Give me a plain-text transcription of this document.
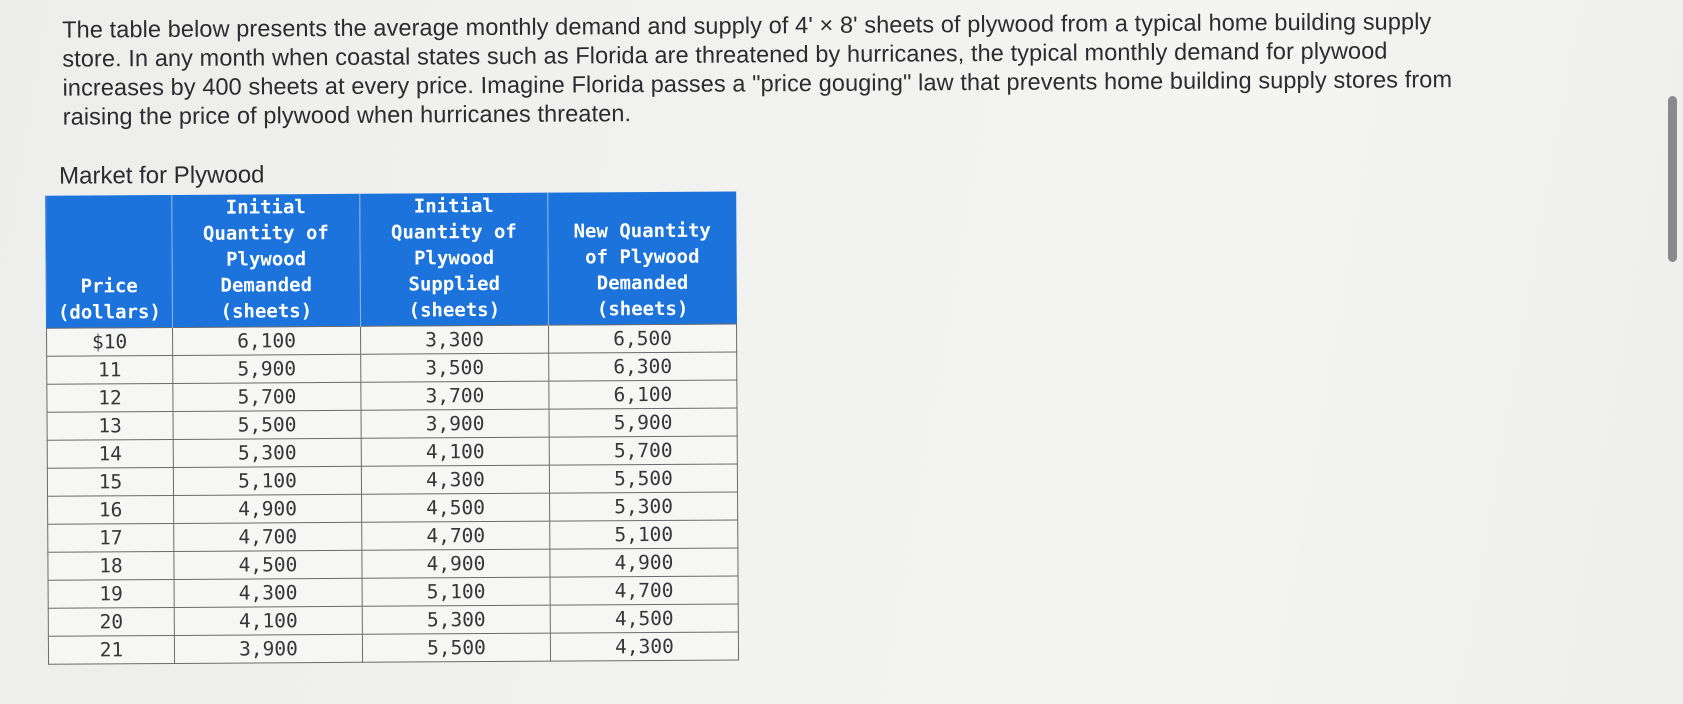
The table below presents the average monthly demand and supply of 4' × 8' sheets of plywood from a typical home building supply
store. In any month when coastal states such as Florida are threatened by hurricanes, the typical monthly demand for plywood
increases by 400 sheets at every price. Imagine Florida passes a "price gouging" law that prevents home building supply stores from
raising the price of plywood when hurricanes threaten.

Market for Plywood
Price
(dollars)	Initial
Quantity of
Plywood
Demanded
(sheets)	Initial
Quantity of
Plywood
Supplied
(sheets)	New Quantity
of Plywood
Demanded
(sheets)

$10	6,100	3,300	6,500
11	5,900	3,500	6,300
12	5,700	3,700	6,100
13	5,500	3,900	5,900
14	5,300	4,100	5,700
15	5,100	4,300	5,500
16	4,900	4,500	5,300
17	4,700	4,700	5,100
18	4,500	4,900	4,900
19	4,300	5,100	4,700
20	4,100	5,300	4,500
21	3,900	5,500	4,300
